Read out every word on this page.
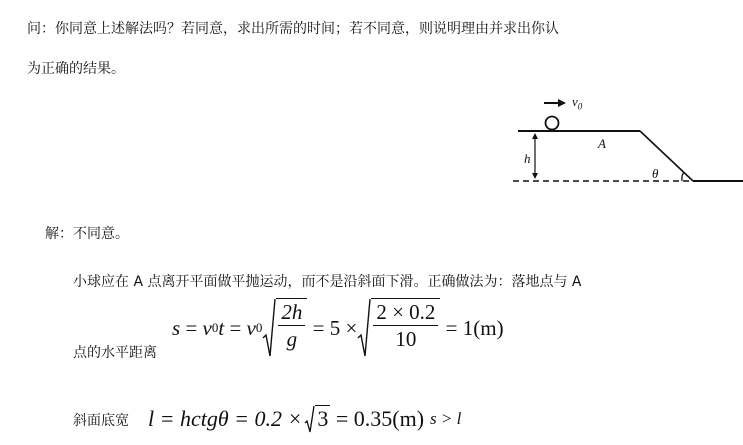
问：你同意上述解法吗？若同意，求出所需的时间；若不同意，则说明理由并求出你认
为正确的结果。
$v_0$
A
h
θ
解：不同意。
小球应在 A 点离开平面做平抛运动，而不是沿斜面下滑。正确做法为：落地点与 A
s
=
v 0 t
=
v $0 \frac{2h}{g}$
=
$5 \times \frac{2 \times 0.2}{10}$
= 1(m)
点的水平距离
斜面底宽 l = hctgθ = 0.2 × 3
= 0.35(m) s > l
